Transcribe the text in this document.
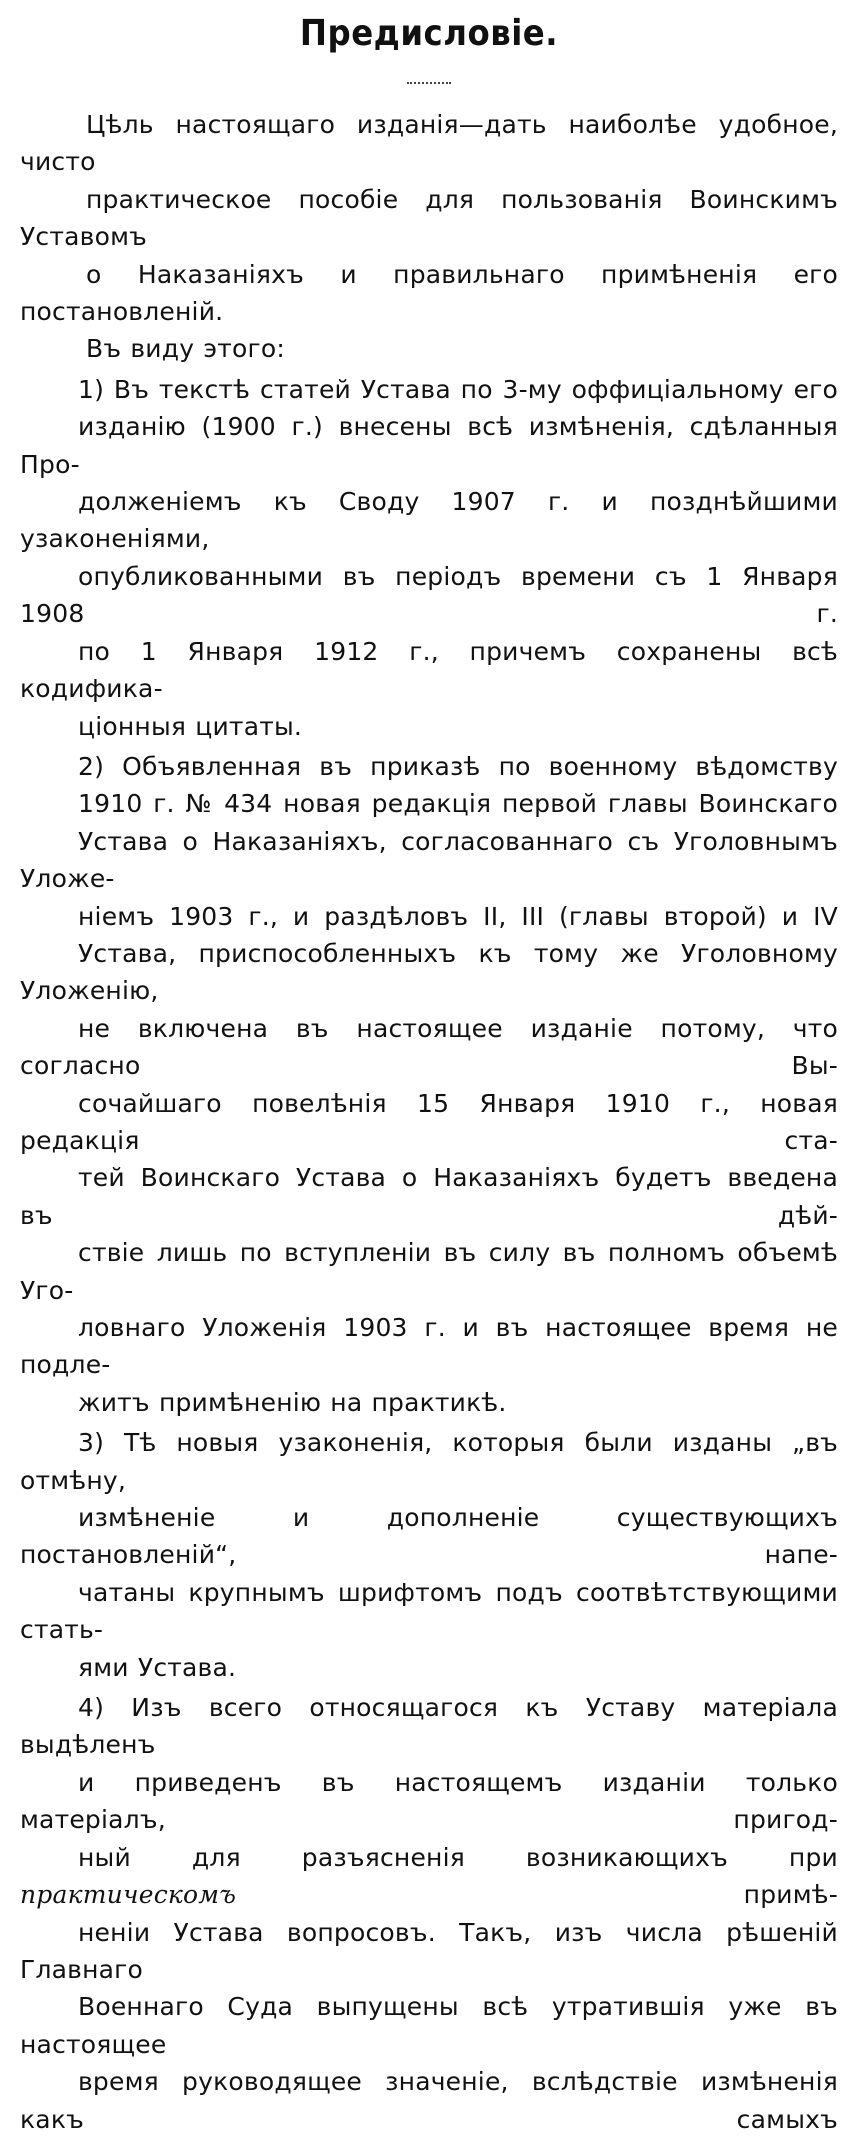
Предисловіе.

Цѣль настоящаго изданія—дать наиболѣе удобное, чисто
практическое пособіе для пользованія Воинскимъ Уставомъ
о Наказаніяхъ и правильнаго примѣненія его постановленій.
Въ виду этого:

1) Въ текстѣ статей Устава по 3-му оффиціальному его
изданію (1900 г.) внесены всѣ измѣненія, сдѣланныя Про-
долженіемъ къ Своду 1907 г. и позднѣйшими узаконеніями,
опубликованными въ періодъ времени съ 1 Января 1908 г.
по 1 Января 1912 г., причемъ сохранены всѣ кодифика-
ціонныя цитаты.

2) Объявленная въ приказѣ по военному вѣдомству
1910 г. № 434 новая редакція первой главы Воинскаго
Устава о Наказаніяхъ, согласованнаго съ Уголовнымъ Уложе-
ніемъ 1903 г., и раздѣловъ II, III (главы второй) и IV
Устава, приспособленныхъ къ тому же Уголовному Уложенію,
не включена въ настоящее изданіе потому, что согласно Вы-
сочайшаго повелѣнія 15 Января 1910 г., новая редакція ста-
тей Воинскаго Устава о Наказаніяхъ будетъ введена въ дѣй-
ствіе лишь по вступленіи въ силу въ полномъ объемѣ Уго-
ловнаго Уложенія 1903 г. и въ настоящее время не подле-
житъ примѣненію на практикѣ.

3) Тѣ новыя узаконенія, которыя были изданы „въ отмѣну,
измѣненіе и дополненіе существующихъ постановленій“, напе-
чатаны крупнымъ шрифтомъ подъ соотвѣтствующими стать-
ями Устава.

4) Изъ всего относящагося къ Уставу матеріала выдѣленъ
и приведенъ въ настоящемъ изданіи только матеріалъ, пригод-
ный для разъясненія возникающихъ при практическомъ примѣ-
неніи Устава вопросовъ. Такъ, изъ числа рѣшеній Главнаго
Военнаго Суда выпущены всѣ утратившія уже въ настоящее
время руководящее значеніе, вслѣдствіе измѣненія какъ самыхъ
